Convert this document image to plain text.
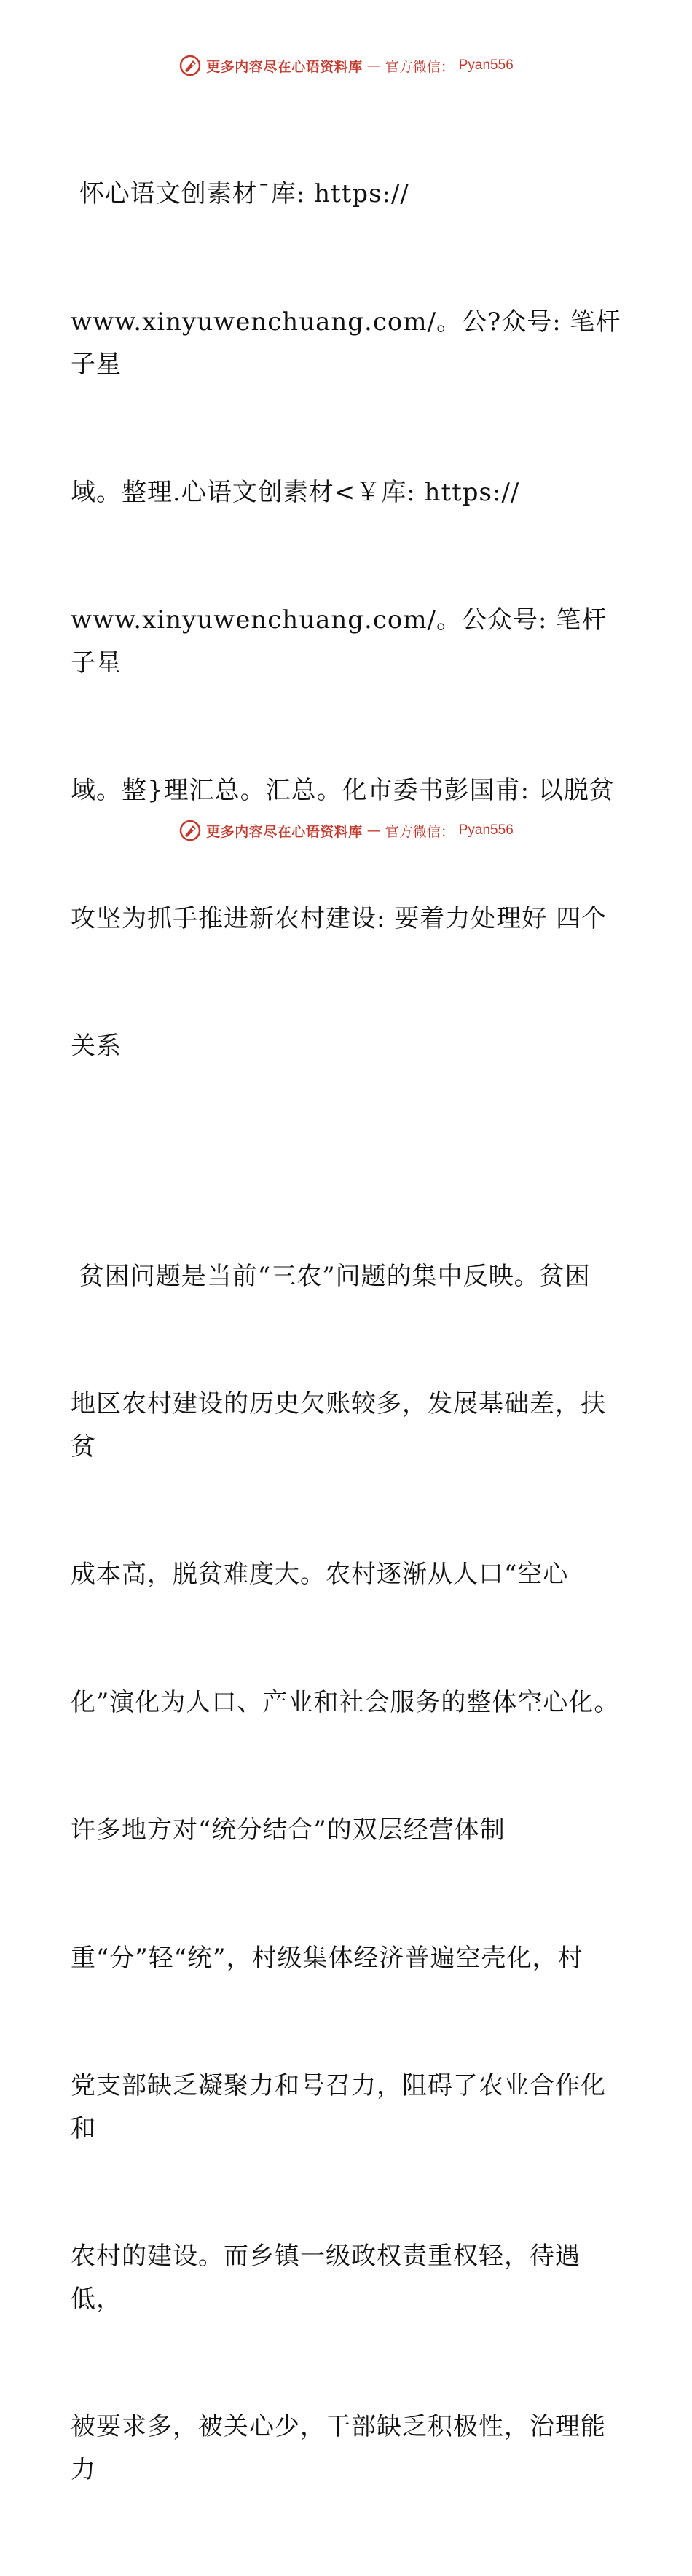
更多内容尽在心语资料库 — 官方微信： Pyan556

怀心语文创素材¯库: https://

www.xinyuwenchuang.com/。公?众号: 笔杆子星

域。整理.心语文创素材<￥库: https://

www.xinyuwenchuang.com/。公众号: 笔杆子星

域。整}理汇总。汇总。化市委书彭国甫: 以脱贫

攻坚为抓手推进新农村建设: 要着力处理好 四个

关系

贫困问题是当前“三农”问题的集中反映。贫困

地区农村建设的历史欠账较多，发展基础差，扶贫

成本高，脱贫难度大。农村逐渐从人口“空心

化”演化为人口、产业和社会服务的整体空心化。

许多地方对“统分结合”的双层经营体制

重“分”轻“统”，村级集体经济普遍空壳化，村

党支部缺乏凝聚力和号召力，阻碍了农业合作化和

农村的建设。而乡镇一级政权责重权轻，待遇低，

被要求多，被关心少，干部缺乏积极性，治理能力

更多内容尽在心语资料库 — 官方微信： Pyan556
